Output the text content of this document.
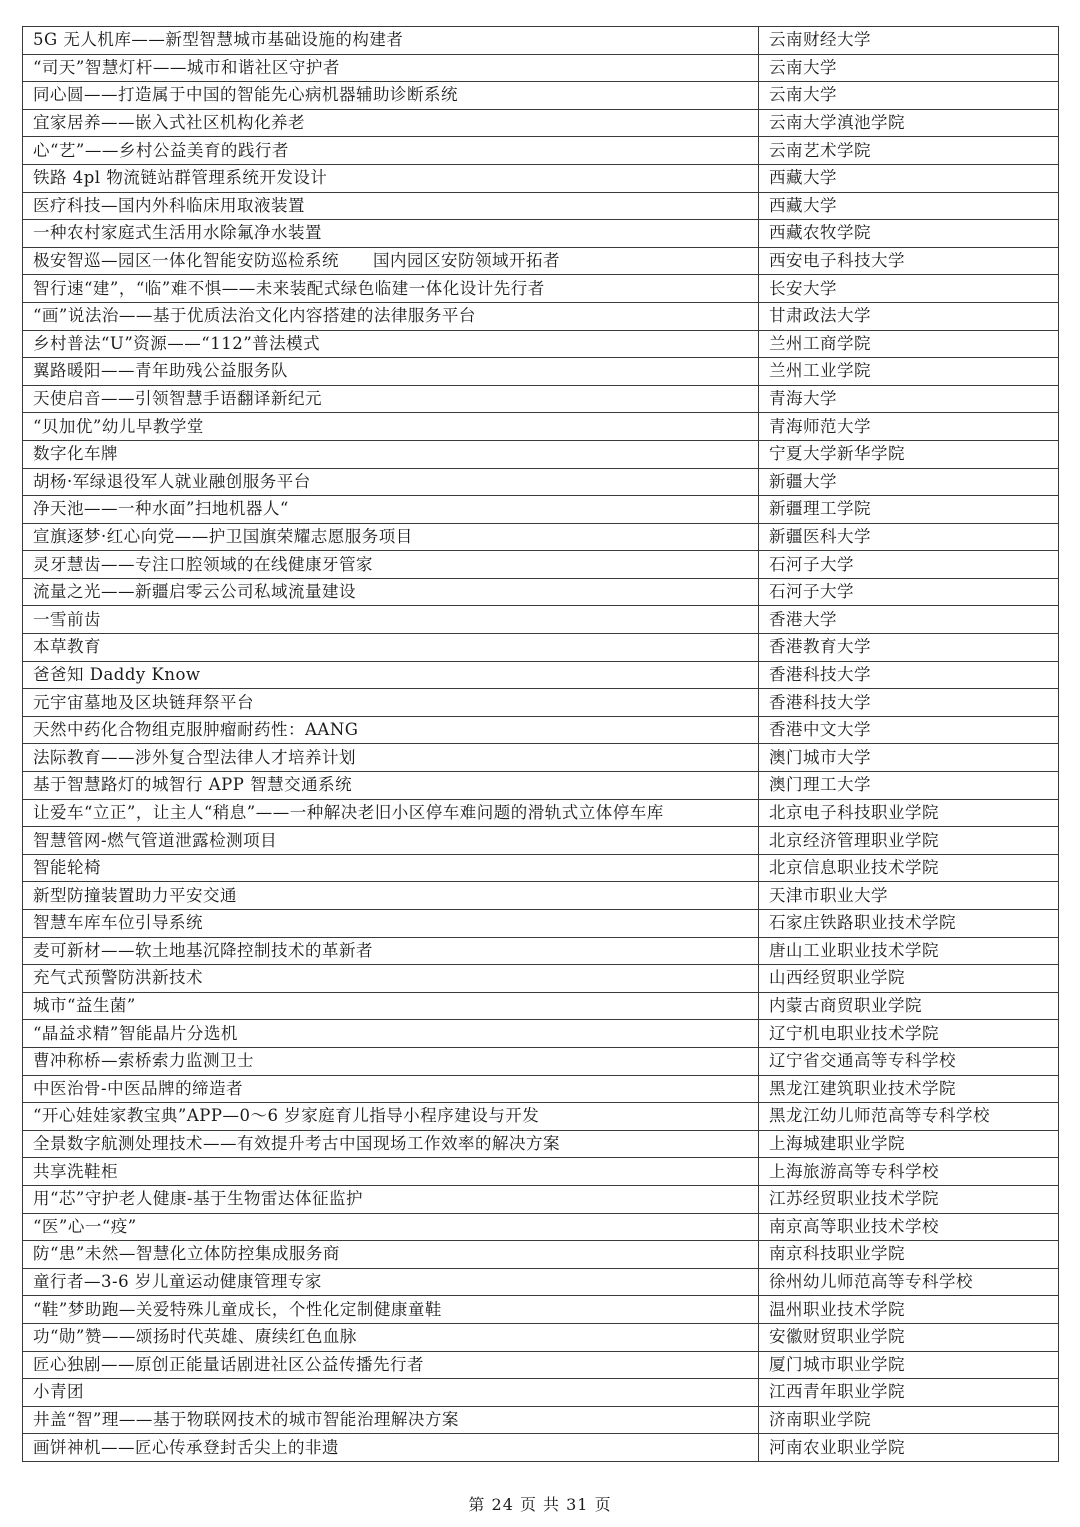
5G 无人机库——新型智慧城市基础设施的构建者	云南财经大学
“司天”智慧灯杆——城市和谐社区守护者	云南大学
同心圆——打造属于中国的智能先心病机器辅助诊断系统	云南大学
宜家居养——嵌入式社区机构化养老	云南大学滇池学院
心“艺”——乡村公益美育的践行者	云南艺术学院
铁路 4pl 物流链站群管理系统开发设计	西藏大学
医疗科技—国内外科临床用取液装置	西藏大学
一种农村家庭式生活用水除氟净水装置	西藏农牧学院
极安智巡—园区一体化智能安防巡检系统　　国内园区安防领域开拓者	西安电子科技大学
智行速“建”，“临”难不惧——未来装配式绿色临建一体化设计先行者	长安大学
“画”说法治——基于优质法治文化内容搭建的法律服务平台	甘肃政法大学
乡村普法“U”资源——“112”普法模式	兰州工商学院
翼路暖阳——青年助残公益服务队	兰州工业学院
天使启音——引领智慧手语翻译新纪元	青海大学
“贝加优”幼儿早教学堂	青海师范大学
数字化车牌	宁夏大学新华学院
胡杨·军绿退役军人就业融创服务平台	新疆大学
净天池——一种水面”扫地机器人“	新疆理工学院
宣旗逐梦·红心向党——护卫国旗荣耀志愿服务项目	新疆医科大学
灵牙慧齿——专注口腔领域的在线健康牙管家	石河子大学
流量之光——新疆启零云公司私域流量建设	石河子大学
一雪前齿	香港大学
本草教育	香港教育大学
爸爸知 Daddy Know	香港科技大学
元宇宙墓地及区块链拜祭平台	香港科技大学
天然中药化合物组克服肿瘤耐药性：AANG	香港中文大学
法际教育——涉外复合型法律人才培养计划	澳门城市大学
基于智慧路灯的城智行 APP 智慧交通系统	澳门理工大学
让爱车“立正”，让主人“稍息”——一种解决老旧小区停车难问题的滑轨式立体停车库	北京电子科技职业学院
智慧管网-燃气管道泄露检测项目	北京经济管理职业学院
智能轮椅	北京信息职业技术学院
新型防撞装置助力平安交通	天津市职业大学
智慧车库车位引导系统	石家庄铁路职业技术学院
麦可新材——软土地基沉降控制技术的革新者	唐山工业职业技术学院
充气式预警防洪新技术	山西经贸职业学院
城市“益生菌”	内蒙古商贸职业学院
“晶益求精”智能晶片分选机	辽宁机电职业技术学院
曹冲称桥—索桥索力监测卫士	辽宁省交通高等专科学校
中医治骨-中医品牌的缔造者	黑龙江建筑职业技术学院
“开心娃娃家教宝典”APP—0～6 岁家庭育儿指导小程序建设与开发	黑龙江幼儿师范高等专科学校
全景数字航测处理技术——有效提升考古中国现场工作效率的解决方案	上海城建职业学院
共享洗鞋柜	上海旅游高等专科学校
用“芯”守护老人健康-基于生物雷达体征监护	江苏经贸职业技术学院
“医”心一“疫”	南京高等职业技术学校
防“患”未然—智慧化立体防控集成服务商	南京科技职业学院
童行者—3-6 岁儿童运动健康管理专家	徐州幼儿师范高等专科学校
“鞋”梦助跑—关爱特殊儿童成长，个性化定制健康童鞋	温州职业技术学院
功“勋”赞——颂扬时代英雄、赓续红色血脉	安徽财贸职业学院
匠心独剧——原创正能量话剧进社区公益传播先行者	厦门城市职业学院
小青团	江西青年职业学院
井盖“智”理——基于物联网技术的城市智能治理解决方案	济南职业学院
画饼神机——匠心传承登封舌尖上的非遗	河南农业职业学院
第 24 页 共 31 页
